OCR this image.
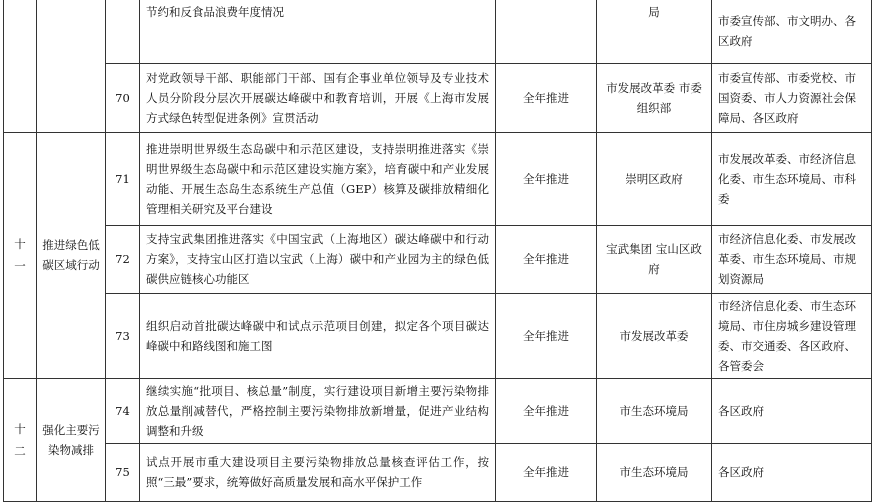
			节约和反食品浪费年度情况		局	市委宣传部、市文明办、各区政府
		70	对党政领导干部、职能部门干部、国有企事业单位领导及专业技术人员分阶段分层次开展碳达峰碳中和教育培训，开展《上海市发展方式绿色转型促进条例》宣贯活动	全年推进	市发展改革委 市委组织部	市委宣传部、市委党校、市国资委、市人力资源社会保障局、各区政府
十一	推进绿色低碳区域行动	71	推进崇明世界级生态岛碳中和示范区建设，支持崇明推进落实《崇明世界级生态岛碳中和示范区建设实施方案》，培育碳中和产业发展动能、开展生态岛生态系统生产总值（GEP）核算及碳排放精细化管理相关研究及平台建设	全年推进	崇明区政府	市发展改革委、市经济信息化委、市生态环境局、市科委
		72	支持宝武集团推进落实《中国宝武（上海地区）碳达峰碳中和行动方案》，支持宝山区打造以宝武（上海）碳中和产业园为主的绿色低碳供应链核心功能区	全年推进	宝武集团 宝山区政府	市经济信息化委、市发展改革委、市生态环境局、市规划资源局
		73	组织启动首批碳达峰碳中和试点示范项目创建，拟定各个项目碳达峰碳中和路线图和施工图	全年推进	市发展改革委	市经济信息化委、市生态环境局、市住房城乡建设管理委、市交通委、各区政府、各管委会
十二	强化主要污染物减排	74	继续实施“批项目、核总量”制度，实行建设项目新增主要污染物排放总量削减替代，严格控制主要污染物排放新增量，促进产业结构调整和升级	全年推进	市生态环境局	各区政府
		75	试点开展市重大建设项目主要污染物排放总量核查评估工作，按照“三最”要求，统筹做好高质量发展和高水平保护工作	全年推进	市生态环境局	各区政府
